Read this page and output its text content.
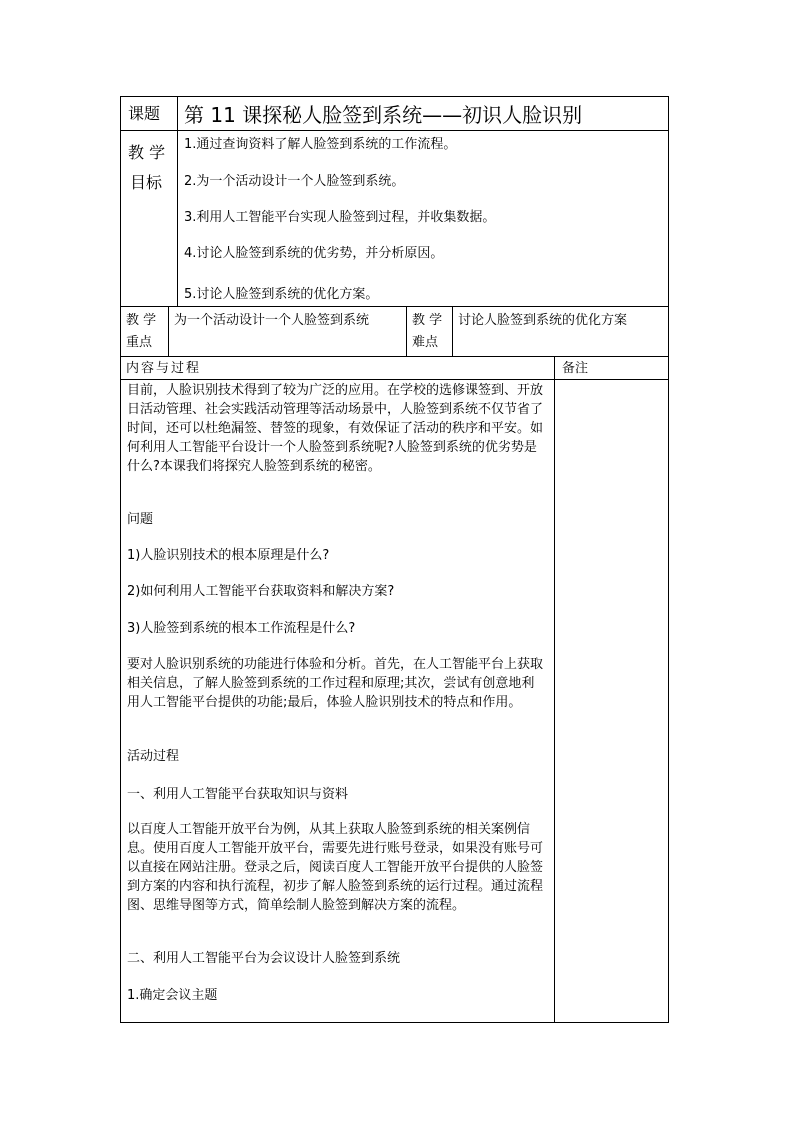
课题 第 11 课探秘人脸签到系统——初识人脸识别
教 学
目标
1.通过查询资料了解人脸签到系统的工作流程。
2.为一个活动设计一个人脸签到系统。
3.利用人工智能平台实现人脸签到过程，并收集数据。
4.讨论人脸签到系统的优劣势，并分析原因。
5.讨论人脸签到系统的优化方案。
教 学
重点
为一个活动设计一个人脸签到系统	教 学
难点
讨论人脸签到系统的优化方案
内容与过程	备注
目前，人脸识别技术得到了较为广泛的应用。在学校的选修课签到、开放日活动管理、社会实践活动管理等活动场景中，人脸签到系统不仅节省了时间，还可以杜绝漏签、替签的现象，有效保证了活动的秩序和平安。如何利用人工智能平台设计一个人脸签到系统呢?人脸签到系统的优劣势是什么?本课我们将探究人脸签到系统的秘密。
问题
1)人脸识别技术的根本原理是什么?
2)如何利用人工智能平台获取资料和解决方案?
3)人脸签到系统的根本工作流程是什么?
要对人脸识别系统的功能进行体验和分析。首先，在人工智能平台上获取相关信息，了解人脸签到系统的工作过程和原理;其次，尝试有创意地利用人工智能平台提供的功能;最后，体验人脸识别技术的特点和作用。
活动过程
一、利用人工智能平台获取知识与资料
以百度人工智能开放平台为例，从其上获取人脸签到系统的相关案例信息。使用百度人工智能开放平台，需要先进行账号登录，如果没有账号可以直接在网站注册。登录之后，阅读百度人工智能开放平台提供的人脸签到方案的内容和执行流程，初步了解人脸签到系统的运行过程。通过流程图、思维导图等方式，简单绘制人脸签到解决方案的流程。
二、利用人工智能平台为会议设计人脸签到系统
1.确定会议主题
